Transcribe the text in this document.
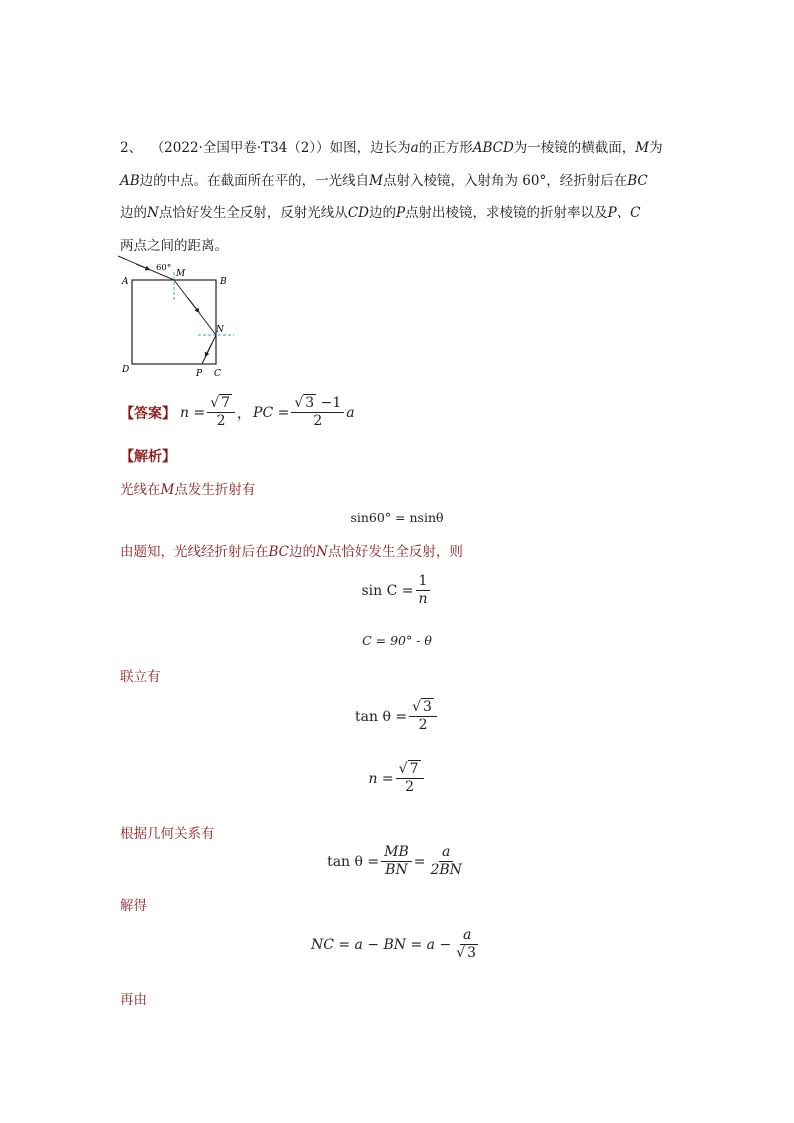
2、 （2022·全国甲卷·T34（2））如图，边长为a的正方形ABCD为一棱镜的横截面，M为
AB边的中点。在截面所在平的，一光线自M点射入棱镜，入射角为 60°，经折射后在BC
边的N点恰好发生全反射，反射光线从CD边的P点射出棱镜，求棱镜的折射率以及P、C
两点之间的距离。
A	B
C
D
M
N
P
60°
【答案】 $n = \frac{√ 7}{2}$ ， PC = $\frac{√ 3 -1}{2}$ a
【解析】
光线在M点发生折射有
sin60° = nsinθ
由题知，光线经折射后在BC边的N点恰好发生全反射，则
$\sin C = \frac{1}{n}$
C = 90° - θ
联立有
$\tan \theta = \frac{√ 3}{2}$
$n = \frac{√ 7}{2}$
根据几何关系有
$\tan \theta = \frac{MB}{BN} = \frac{a}{2BN}$
解得
NC = a − BN = $a - \frac{a}{√ 3}$
再由
